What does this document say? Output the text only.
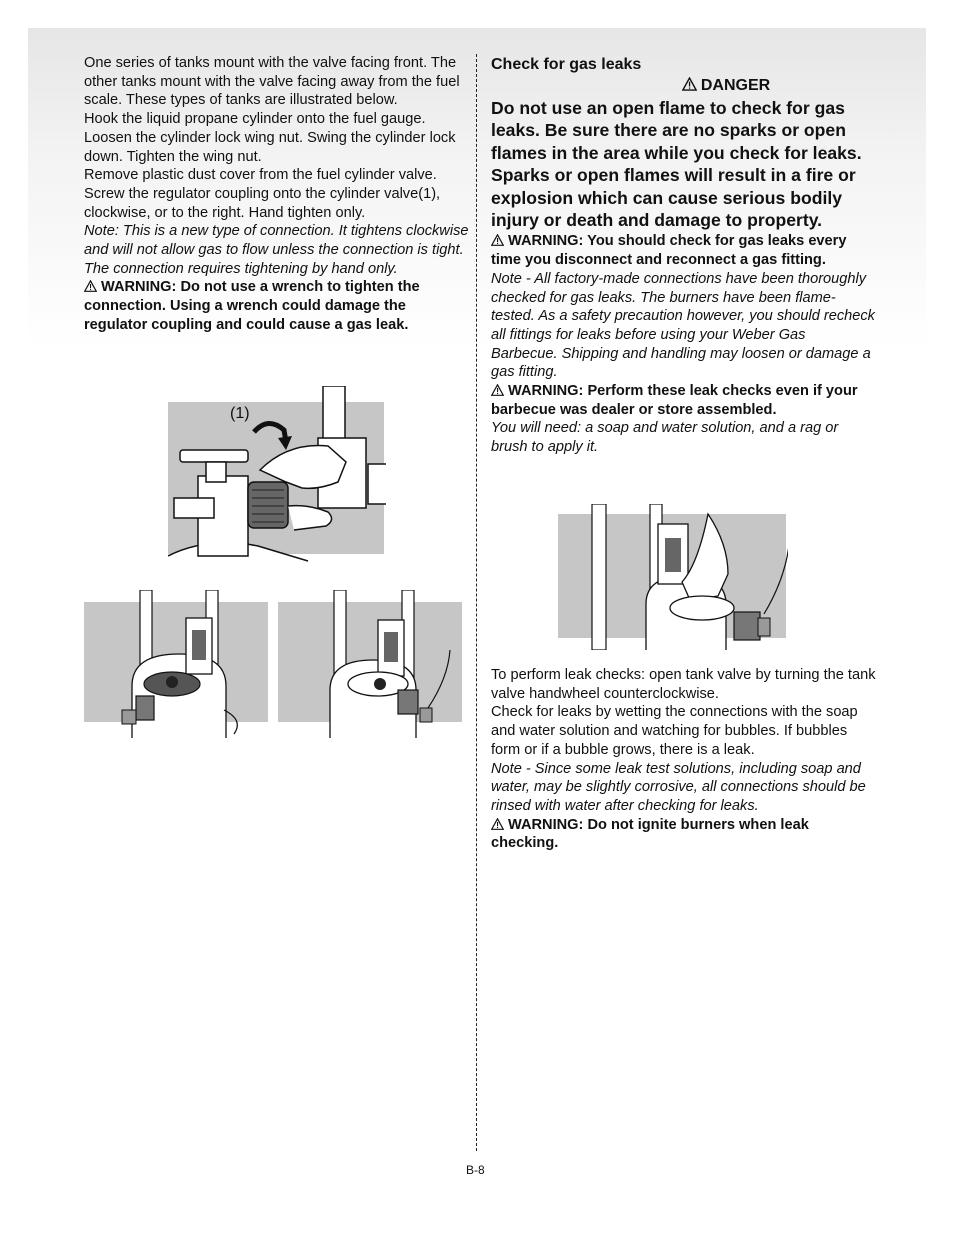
One series of tanks mount with the valve facing front. The other tanks mount with the valve facing away from the fuel scale. These types of tanks are illustrated below.

Hook the liquid propane cylinder onto the fuel gauge. Loosen the cylinder lock wing nut. Swing the cylinder lock down. Tighten the wing nut.

Remove plastic dust cover from the fuel cylinder valve. Screw the regulator coupling onto the cylinder valve(1), clockwise, or to the right. Hand tighten only.

Note: This is a new type of connection. It tightens clockwise and will not allow gas to flow unless the connection is tight. The connection requires tightening by hand only.

WARNING: Do not use a wrench to tighten the connection. Using a wrench could damage the regulator coupling and could cause a gas leak.

(1)

Check for gas leaks

DANGER

Do not use an open flame to check for gas leaks. Be sure there are no sparks or open flames in the area while you check for leaks. Sparks or open flames will result in a fire or explosion which can cause serious bodily injury or death and damage to property.

WARNING: You should check for gas leaks every time you disconnect and reconnect a gas fitting.

Note - All factory-made connections have been thoroughly checked for gas leaks. The burners have been flame-tested. As a safety precaution however, you should recheck all fittings for leaks before using your Weber Gas Barbecue. Shipping and handling may loosen or damage a gas fitting.

WARNING: Perform these leak checks even if your barbecue was dealer or store assembled.

You will need: a soap and water solution, and a rag or brush to apply it.

To perform leak checks: open tank valve by turning the tank valve handwheel counterclockwise.

Check for leaks by wetting the connections with the soap and water solution and watching for bubbles. If bubbles form or if a bubble grows, there is a leak.

Note - Since some leak test solutions, including soap and water, may be slightly corrosive, all connections should be rinsed with water after checking for leaks.

WARNING: Do not ignite burners when leak checking.

B-8
